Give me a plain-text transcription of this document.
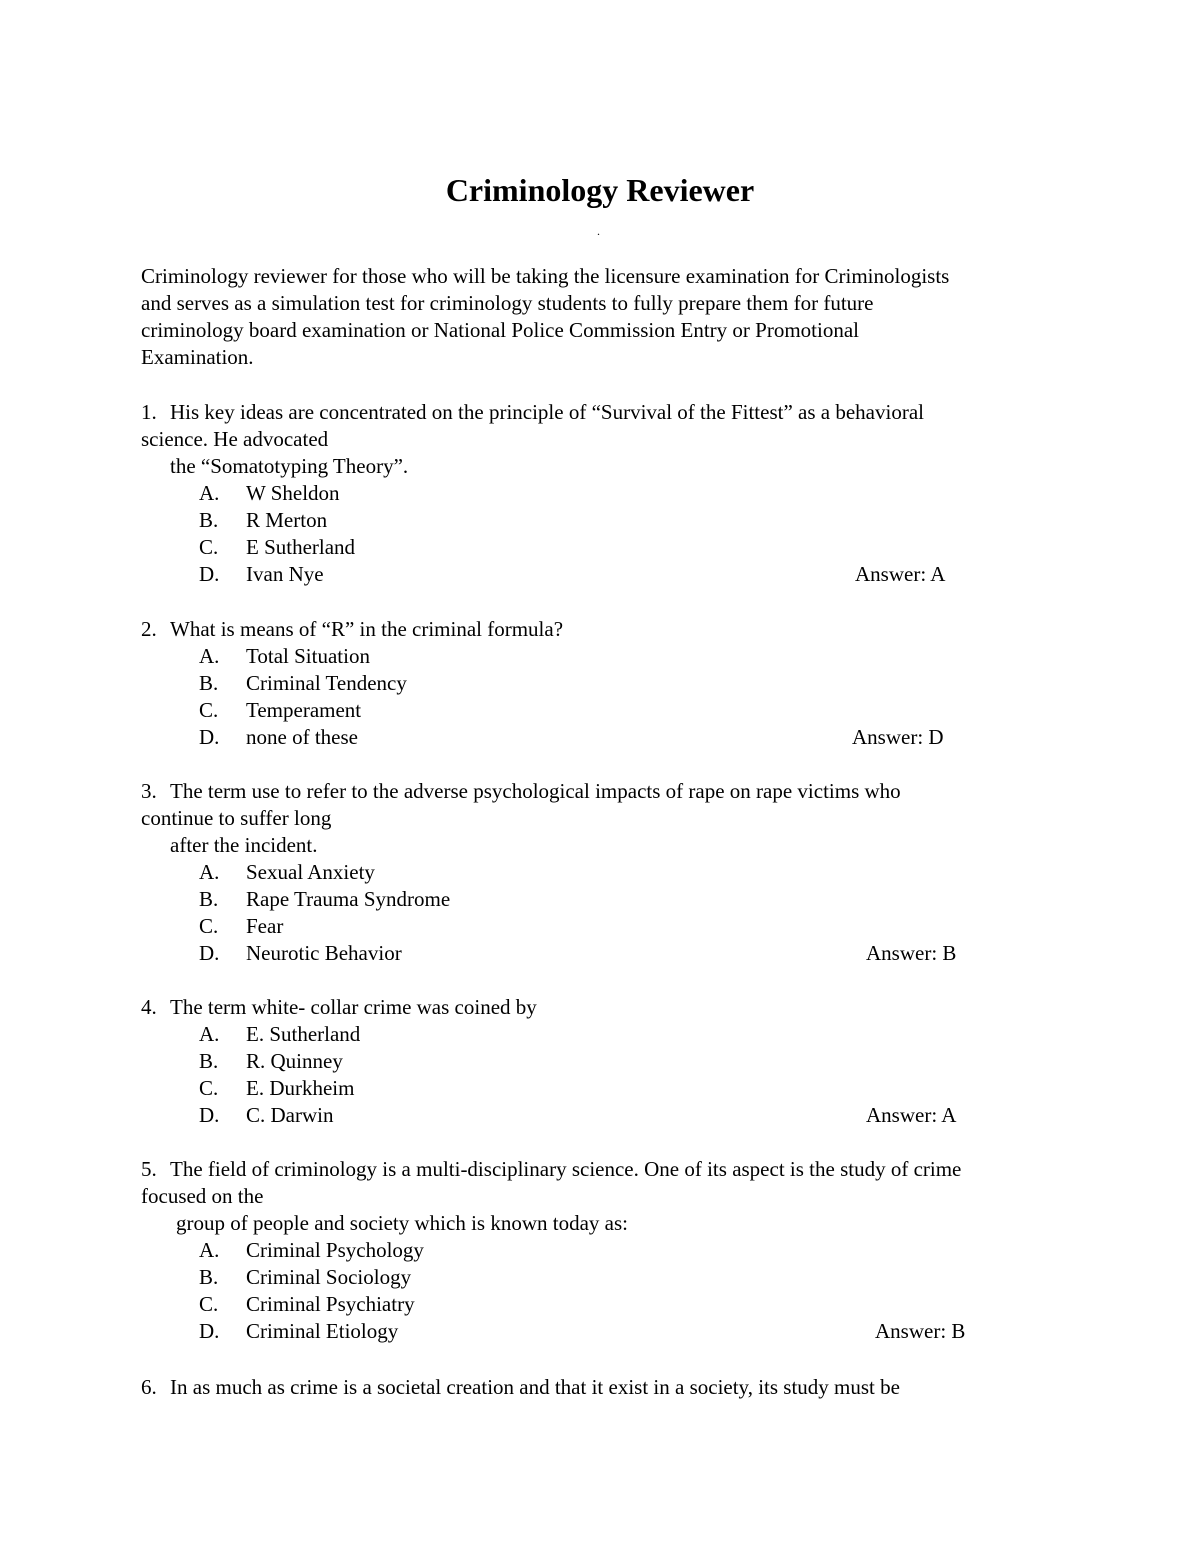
Criminology Reviewer
.
Criminology reviewer for those who will be taking the licensure examination for Criminologists
and serves as a simulation test for criminology students to fully prepare them for future
criminology board examination or National Police Commission Entry or Promotional
Examination.
1. His key ideas are concentrated on the principle of “Survival of the Fittest” as a behavioral
science. He advocated
the “Somatotyping Theory”.
A. W Sheldon
B. R Merton
C. E Sutherland
D. Ivan Nye	Answer: A
2. What is means of “R” in the criminal formula?
A. Total Situation
B. Criminal Tendency
C. Temperament
D. none of these	Answer: D
3. The term use to refer to the adverse psychological impacts of rape on rape victims who
continue to suffer long
after the incident.
A. Sexual Anxiety
B. Rape Trauma Syndrome
C. Fear
D. Neurotic Behavior	Answer: B
4. The term white- collar crime was coined by
A. E. Sutherland
B. R. Quinney
C. E. Durkheim
D. C. Darwin	Answer: A
5. The field of criminology is a multi-disciplinary science. One of its aspect is the study of crime
focused on the
group of people and society which is known today as:
A. Criminal Psychology
B. Criminal Sociology
C. Criminal Psychiatry
D. Criminal Etiology	Answer: B
6. In as much as crime is a societal creation and that it exist in a society, its study must be
